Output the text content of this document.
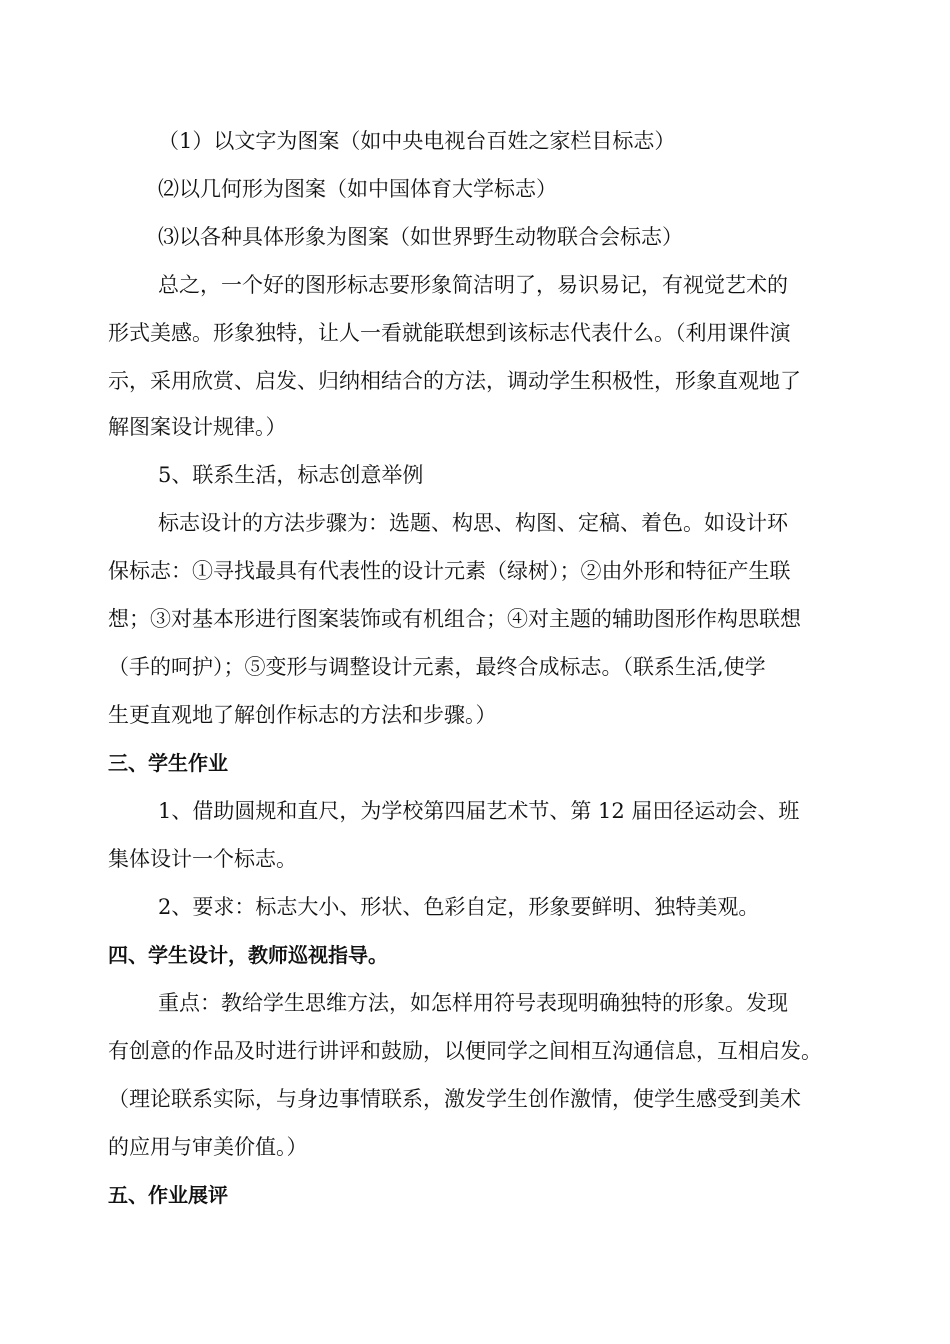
（1）以文字为图案（如中央电视台百姓之家栏目标志）
⑵以几何形为图案（如中国体育大学标志）
⑶以各种具体形象为图案（如世界野生动物联合会标志）
总之，一个好的图形标志要形象简洁明了，易识易记，有视觉艺术的
形式美感。形象独特，让人一看就能联想到该标志代表什么。（利用课件演
示，采用欣赏、启发、归纳相结合的方法，调动学生积极性，形象直观地了
解图案设计规律。）
5、联系生活，标志创意举例
标志设计的方法步骤为：选题、构思、构图、定稿、着色。如设计环
保标志：①寻找最具有代表性的设计元素（绿树）；②由外形和特征产生联
想；③对基本形进行图案装饰或有机组合；④对主题的辅助图形作构思联想
（手的呵护）；⑤变形与调整设计元素，最终合成标志。（联系生活,使学
生更直观地了解创作标志的方法和步骤。）
三、学生作业
1、借助圆规和直尺，为学校第四届艺术节、第 12 届田径运动会、班
集体设计一个标志。
2、要求：标志大小、形状、色彩自定，形象要鲜明、独特美观。
四、学生设计，教师巡视指导。
重点：教给学生思维方法，如怎样用符号表现明确独特的形象。发现
有创意的作品及时进行讲评和鼓励，以便同学之间相互沟通信息，互相启发。
（理论联系实际，与身边事情联系，激发学生创作激情，使学生感受到美术
的应用与审美价值。）
五、作业展评
